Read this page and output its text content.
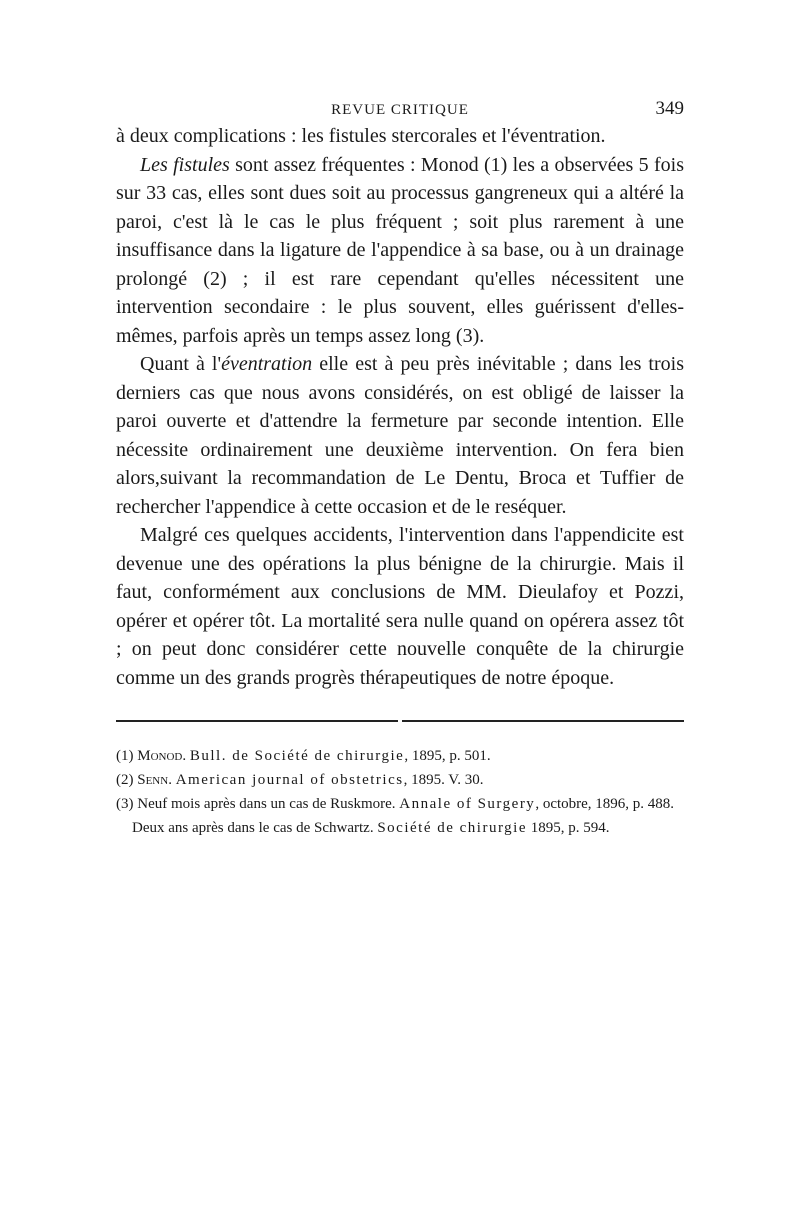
REVUE CRITIQUE	349

à deux complications : les fistules stercorales et l'éventration.

Les fistules sont assez fréquentes : Monod (1) les a observées 5 fois sur 33 cas, elles sont dues soit au processus gangreneux qui a altéré la paroi, c'est là le cas le plus fréquent ; soit plus rarement à une insuffisance dans la ligature de l'appendice à sa base, ou à un drainage prolongé (2) ; il est rare cependant qu'elles nécessitent une intervention secondaire : le plus souvent, elles guérissent d'elles-mêmes, parfois après un temps assez long (3).

Quant à l'éventration elle est à peu près inévitable ; dans les trois derniers cas que nous avons considérés, on est obligé de laisser la paroi ouverte et d'attendre la fermeture par seconde intention. Elle nécessite ordinairement une deuxième intervention. On fera bien alors,suivant la recommandation de Le Dentu, Broca et Tuffier de rechercher l'appendice à cette occasion et de le reséquer.

Malgré ces quelques accidents, l'intervention dans l'appendicite est devenue une des opérations la plus bénigne de la chirurgie. Mais il faut, conformément aux conclusions de MM. Dieulafoy et Pozzi, opérer et opérer tôt. La mortalité sera nulle quand on opérera assez tôt ; on peut donc considérer cette nouvelle conquête de la chirurgie comme un des grands progrès thérapeutiques de notre époque.

(1) Monod. Bull. de Société de chirurgie, 1895, p. 501.

(2) Senn. American journal of obstetrics, 1895. V. 30.

(3) Neuf mois après dans un cas de Ruskmore. Annale of Surgery, octobre, 1896, p. 488. Deux ans après dans le cas de Schwartz. Société de chirurgie 1895, p. 594.
